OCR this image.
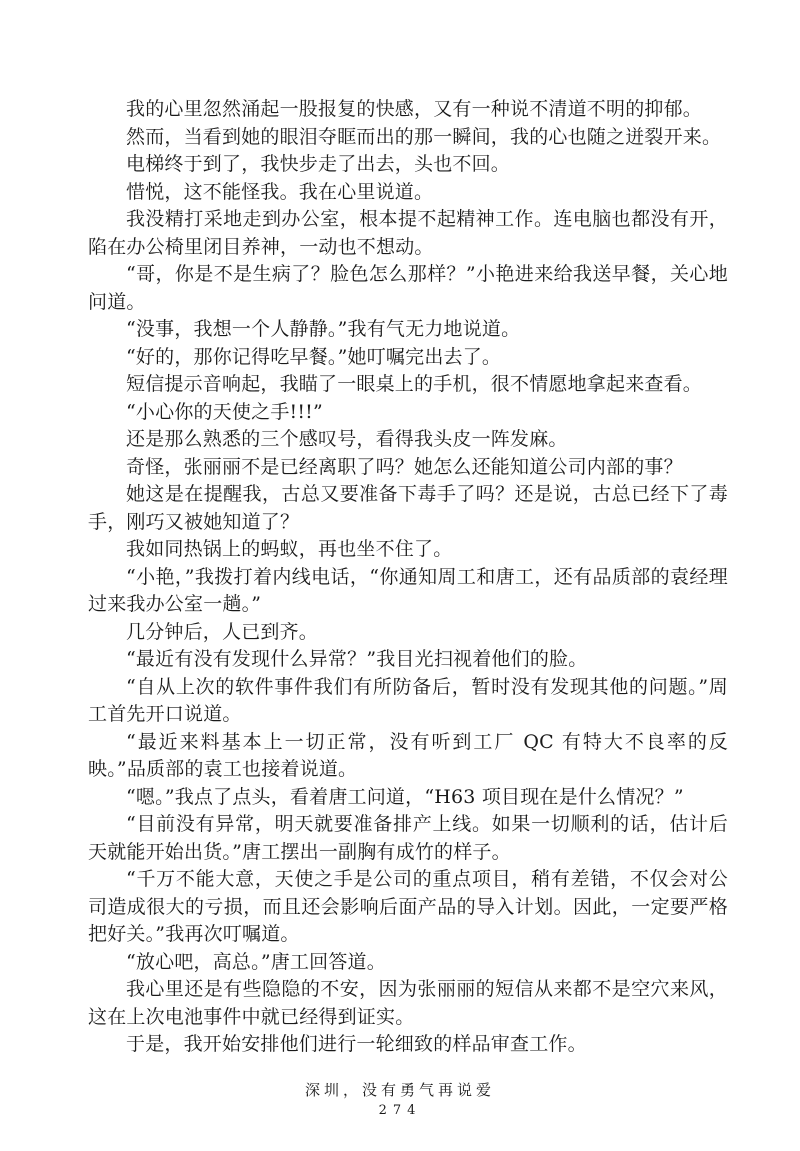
我的心里忽然涌起一股报复的快感，又有一种说不清道不明的抑郁。

然而，当看到她的眼泪夺眶而出的那一瞬间，我的心也随之迸裂开来。

电梯终于到了，我快步走了出去，头也不回。

惜悦，这不能怪我。我在心里说道。

我没精打采地走到办公室，根本提不起精神工作。连电脑也都没有开，陷在办公椅里闭目养神，一动也不想动。

“哥，你是不是生病了？脸色怎么那样？”小艳进来给我送早餐，关心地问道。

“没事，我想一个人静静。”我有气无力地说道。

“好的，那你记得吃早餐。”她叮嘱完出去了。

短信提示音响起，我瞄了一眼桌上的手机，很不情愿地拿起来查看。

“小心你的天使之手!!!”

还是那么熟悉的三个感叹号，看得我头皮一阵发麻。

奇怪，张丽丽不是已经离职了吗？她怎么还能知道公司内部的事？

她这是在提醒我，古总又要准备下毒手了吗？还是说，古总已经下了毒手，刚巧又被她知道了？

我如同热锅上的蚂蚁，再也坐不住了。

“小艳，”我拨打着内线电话，“你通知周工和唐工，还有品质部的袁经理过来我办公室一趟。”

几分钟后，人已到齐。

“最近有没有发现什么异常？”我目光扫视着他们的脸。

“自从上次的软件事件我们有所防备后，暂时没有发现其他的问题。”周工首先开口说道。

“最近来料基本上一切正常，没有听到工厂 QC 有特大不良率的反映。”品质部的袁工也接着说道。

“嗯。”我点了点头，看着唐工问道，“H63 项目现在是什么情况？”

“目前没有异常，明天就要准备排产上线。如果一切顺利的话，估计后天就能开始出货。”唐工摆出一副胸有成竹的样子。

“千万不能大意，天使之手是公司的重点项目，稍有差错，不仅会对公司造成很大的亏损，而且还会影响后面产品的导入计划。因此，一定要严格把好关。”我再次叮嘱道。

“放心吧，高总。”唐工回答道。

我心里还是有些隐隐的不安，因为张丽丽的短信从来都不是空穴来风，这在上次电池事件中就已经得到证实。

于是，我开始安排他们进行一轮细致的样品审查工作。

深圳，没有勇气再说爱
274
